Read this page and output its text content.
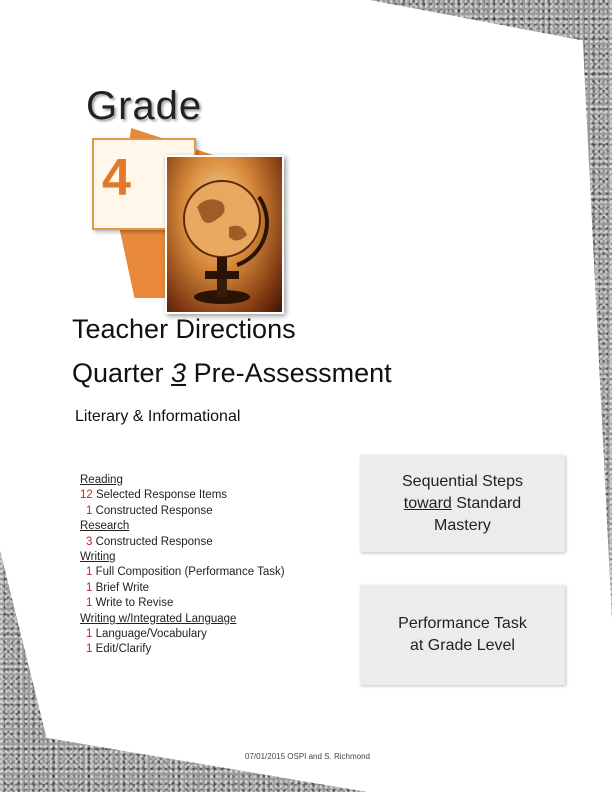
Grade
4
Teacher Directions
Quarter 3 Pre-Assessment
Literary & Informational
Reading
12 Selected Response Items
1 Constructed Response
Research
3 Constructed Response
Writing
1 Full Composition (Performance Task)
1 Brief Write
1 Write to Revise
Writing w/Integrated Language
1 Language/Vocabulary
1 Edit/Clarify
Sequential Steps
toward Standard
Mastery
Performance Task
at Grade Level
07/01/2015 OSPI and S. Richmond
